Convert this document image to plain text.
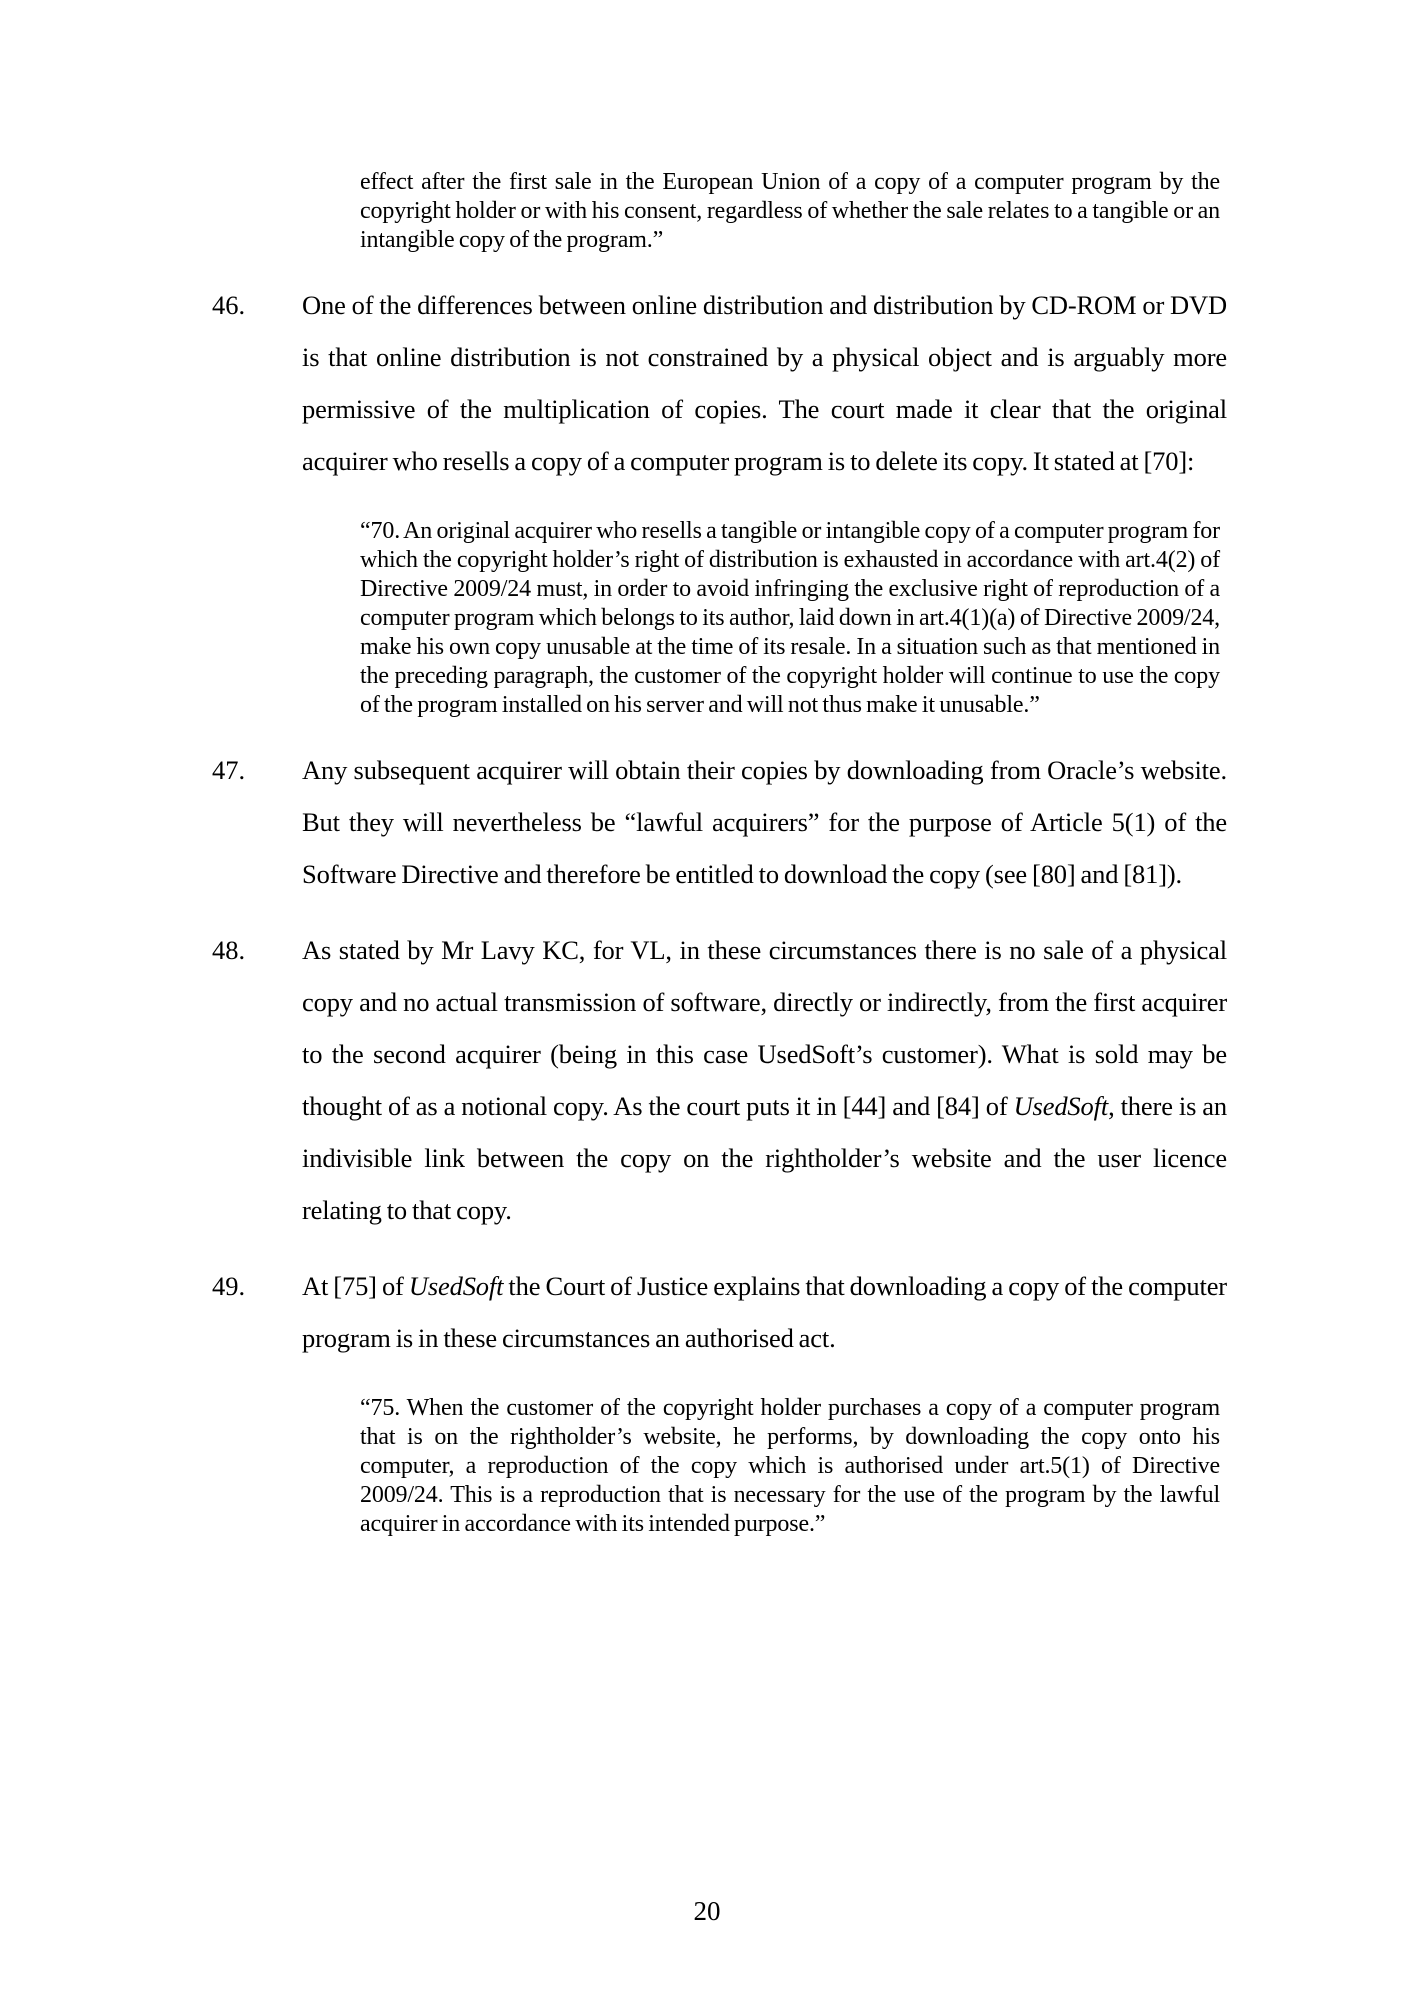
effect after the first sale in the European Union of a copy of a computer program by the copyright holder or with his consent, regardless of whether the sale relates to a tangible or an intangible copy of the program.”
46. One of the differences between online distribution and distribution by CD-ROM or DVD is that online distribution is not constrained by a physical object and is arguably more permissive of the multiplication of copies. The court made it clear that the original acquirer who resells a copy of a computer program is to delete its copy. It stated at [70]:
“70. An original acquirer who resells a tangible or intangible copy of a computer program for which the copyright holder’s right of distribution is exhausted in accordance with art.4(2) of Directive 2009/24 must, in order to avoid infringing the exclusive right of reproduction of a computer program which belongs to its author, laid down in art.4(1)(a) of Directive 2009/24, make his own copy unusable at the time of its resale. In a situation such as that mentioned in the preceding paragraph, the customer of the copyright holder will continue to use the copy of the program installed on his server and will not thus make it unusable.”
47. Any subsequent acquirer will obtain their copies by downloading from Oracle’s website. But they will nevertheless be “lawful acquirers” for the purpose of Article 5(1) of the Software Directive and therefore be entitled to download the copy (see [80] and [81]).
48. As stated by Mr Lavy KC, for VL, in these circumstances there is no sale of a physical copy and no actual transmission of software, directly or indirectly, from the first acquirer to the second acquirer (being in this case UsedSoft’s customer). What is sold may be thought of as a notional copy. As the court puts it in [44] and [84] of UsedSoft, there is an indivisible link between the copy on the rightholder’s website and the user licence relating to that copy.
49. At [75] of UsedSoft the Court of Justice explains that downloading a copy of the computer program is in these circumstances an authorised act.
“75. When the customer of the copyright holder purchases a copy of a computer program that is on the rightholder’s website, he performs, by downloading the copy onto his computer, a reproduction of the copy which is authorised under art.5(1) of Directive 2009/24. This is a reproduction that is necessary for the use of the program by the lawful acquirer in accordance with its intended purpose.”
20
